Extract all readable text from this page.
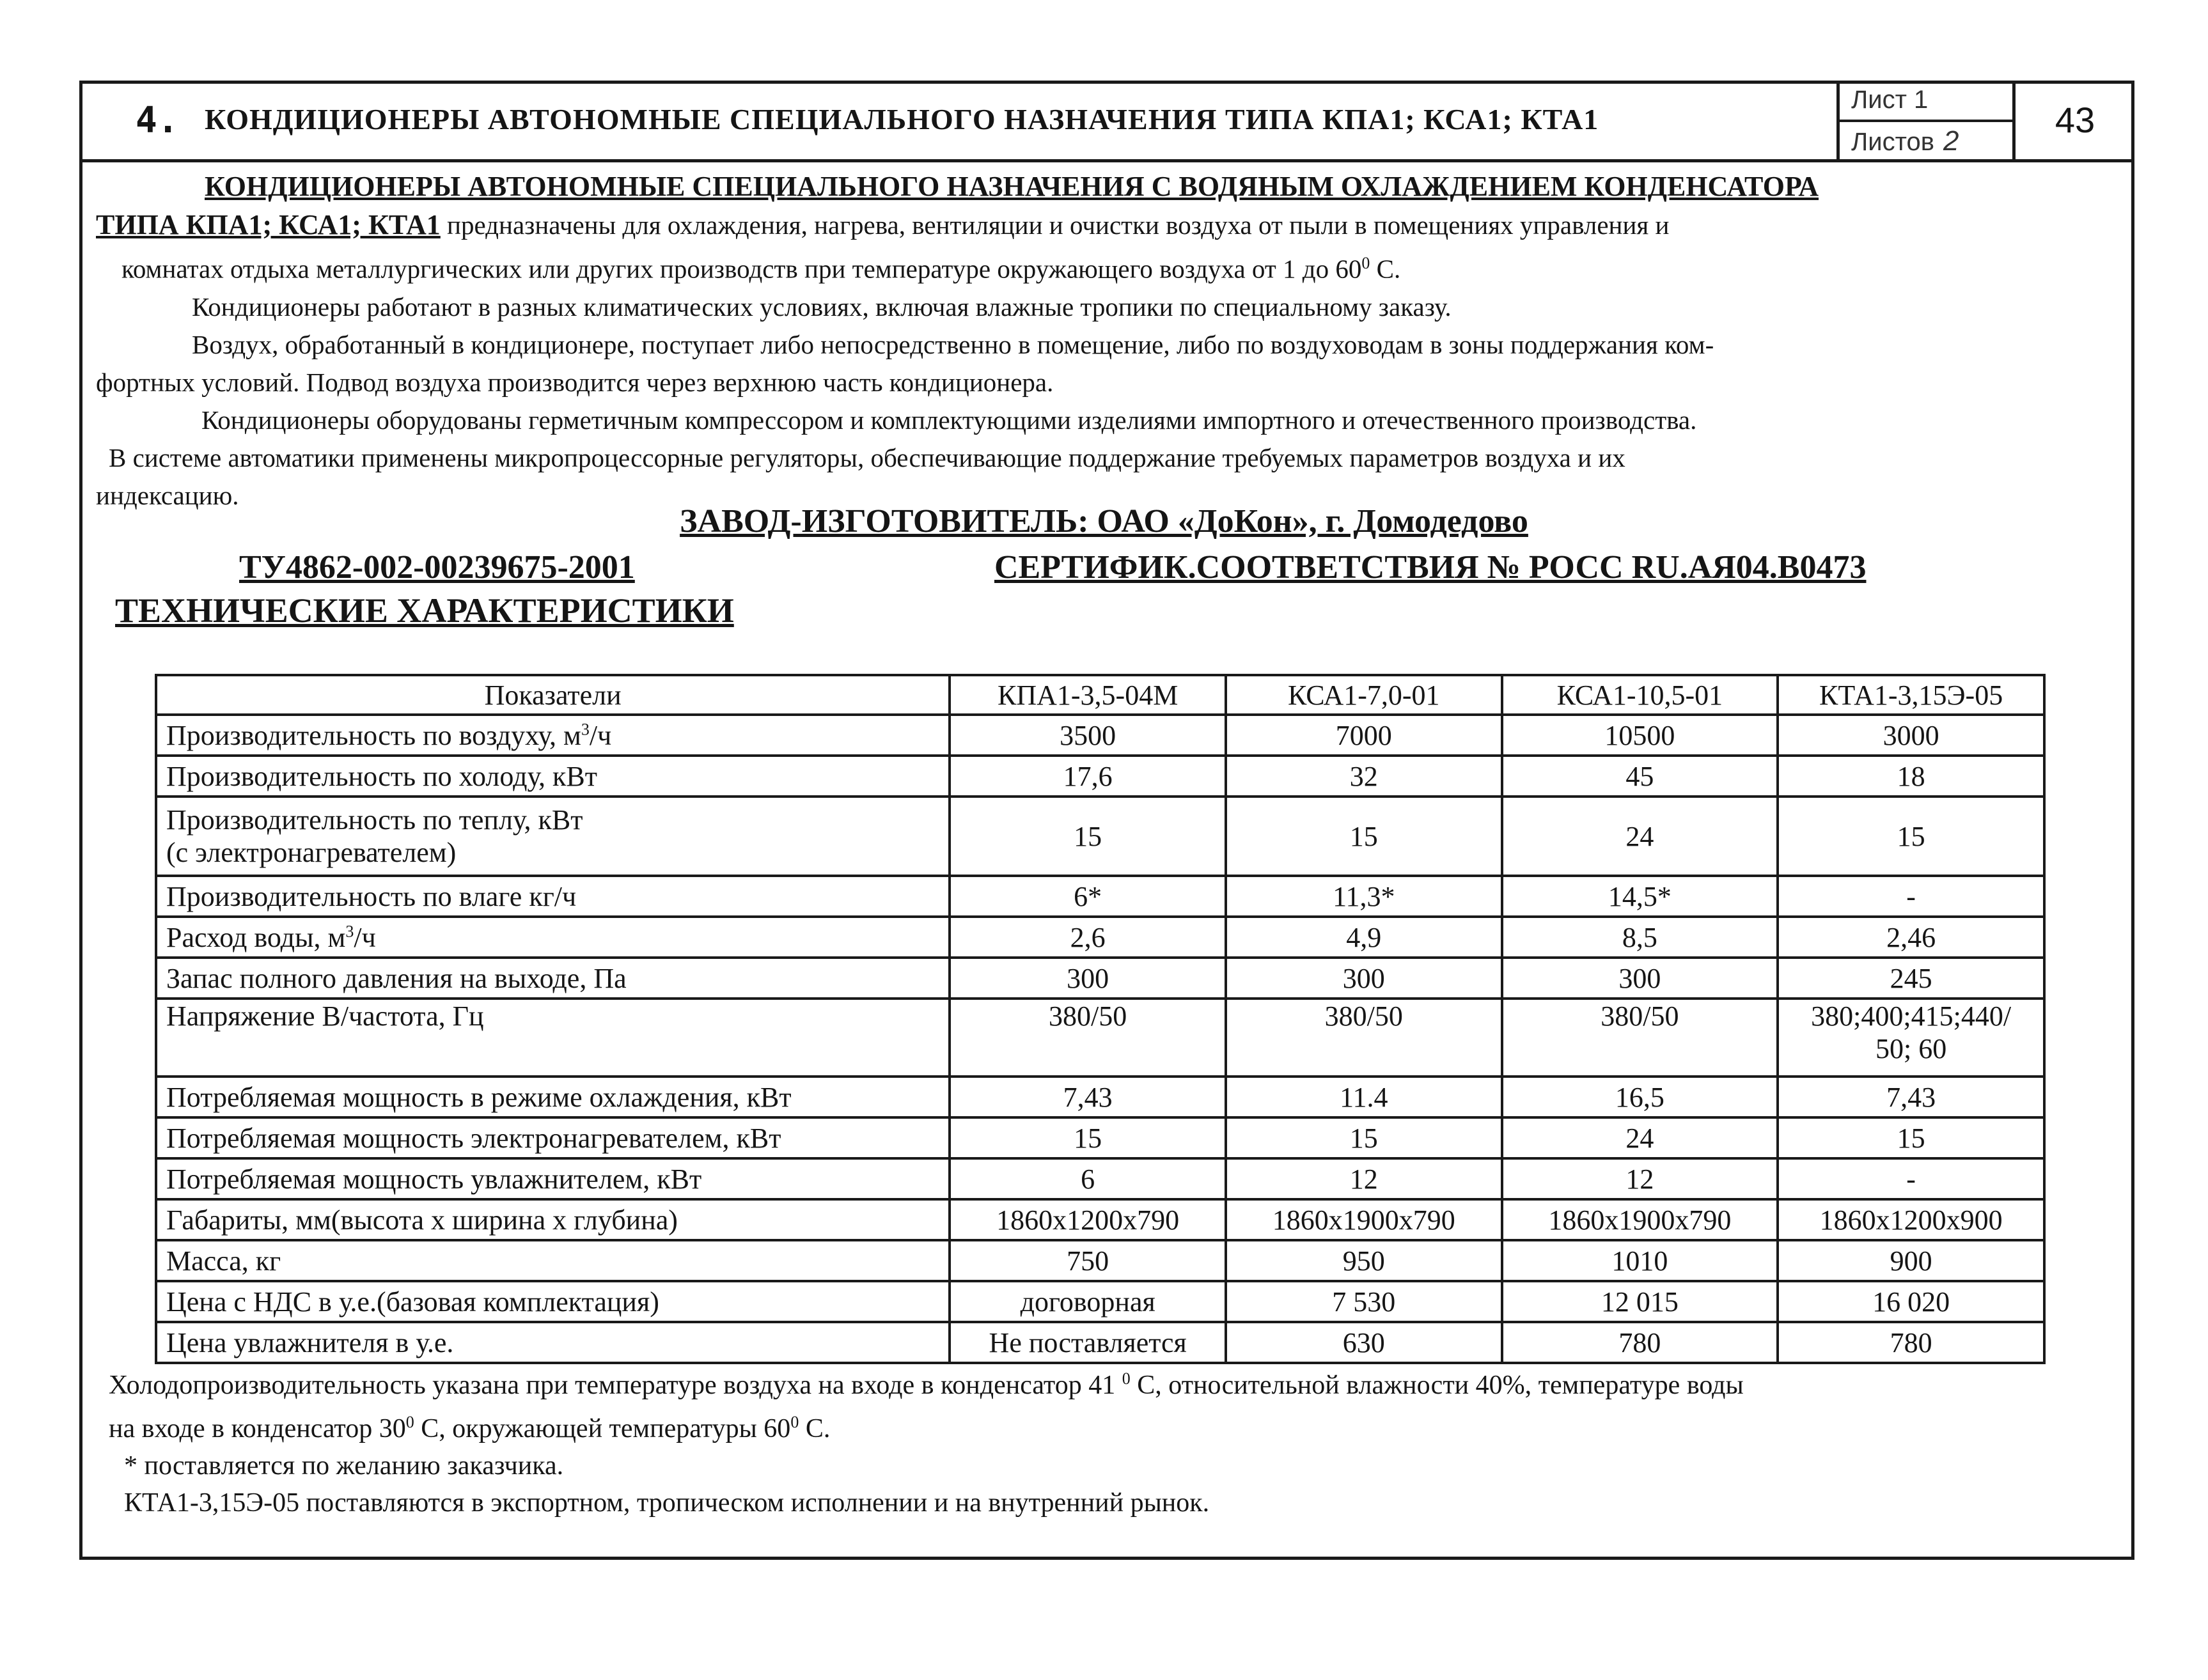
4. КОНДИЦИОНЕРЫ АВТОНОМНЫЕ СПЕЦИАЛЬНОГО НАЗНАЧЕНИЯ ТИПА КПА1; КСА1; КТА1
Лист 1
Листов 2
43

КОНДИЦИОНЕРЫ АВТОНОМНЫЕ СПЕЦИАЛЬНОГО НАЗНАЧЕНИЯ С ВОДЯНЫМ ОХЛАЖДЕНИЕМ КОНДЕНСАТОРА

ТИПА КПА1; КСА1; КТА1 предназначены для охлаждения, нагрева, вентиляции и очистки воздуха от пыли в помещениях управления и

комнатах отдыха металлургических или других производств при температуре окружающего воздуха от 1 до $60^0$ С.

Кондиционеры работают в разных климатических условиях, включая влажные тропики по специальному заказу.

Воздух, обработанный в кондиционере, поступает либо непосредственно в помещение, либо по воздуховодам в зоны поддержания ком-

фортных условий. Подвод воздуха производится через верхнюю часть кондиционера.

Кондиционеры оборудованы герметичным компрессором и комплектующими изделиями импортного и отечественного производства.

В системе автоматики применены микропроцессорные регуляторы, обеспечивающие поддержание требуемых параметров воздуха и их

индексацию.

ЗАВОД-ИЗГОТОВИТЕЛЬ: ОАО «ДоКон», г. Домодедово
ТУ4862-002-00239675-2001	СЕРТИФИК.СООТВЕТСТВИЯ № РОСС RU.АЯ04.В0473
ТЕХНИЧЕСКИЕ ХАРАКТЕРИСТИКИ
Показатели	КПА1-3,5-04М	КСА1-7,0-01	КСА1-10,5-01	КТА1-3,15Э-05
Производительность по воздуху, $м^3/ч$	3500	7000	10500	3000
Производительность по холоду, кВт	17,6	32	45	18

Производительность по теплу, кВт
(с электронагревателем)	15	15	24	15
Производительность по влаге кг/ч	6*	11,3*	14,5*	-
Расход воды, $м^3/ч$	2,6	4,9	8,5	2,46
Запас полного давления на выходе, Па	300	300	300	245
Напряжение В/частота, Гц	380/50	380/50	380/50	380;400;415;440/
50; 60

Потребляемая мощность в режиме охлаждения, кВт	7,43	11.4	16,5	7,43
Потребляемая мощность электронагревателем, кВт	15	15	24	15
Потребляемая мощность увлажнителем, кВт	6	12	12	-
Габариты, мм(высота х ширина х глубина)	1860х1200х790	1860х1900х790	1860х1900х790	1860х1200х900
Масса, кг	750	950	1010	900
Цена с НДС в у.е.(базовая комплектация)	договорная	7 530	12 015	16 020
Цена увлажнителя в у.е.	Не поставляется	630	780	780

Холодопроизводительность указана при температуре воздуха на входе в конденсатор 41 $^0$ С, относительной влажности 40%, температуре воды

на входе в конденсатор $30^0$ С, окружающей температуры $60^0$ С.

* поставляется по желанию заказчика.

КТА1-3,15Э-05 поставляются в экспортном, тропическом исполнении и на внутренний рынок.
